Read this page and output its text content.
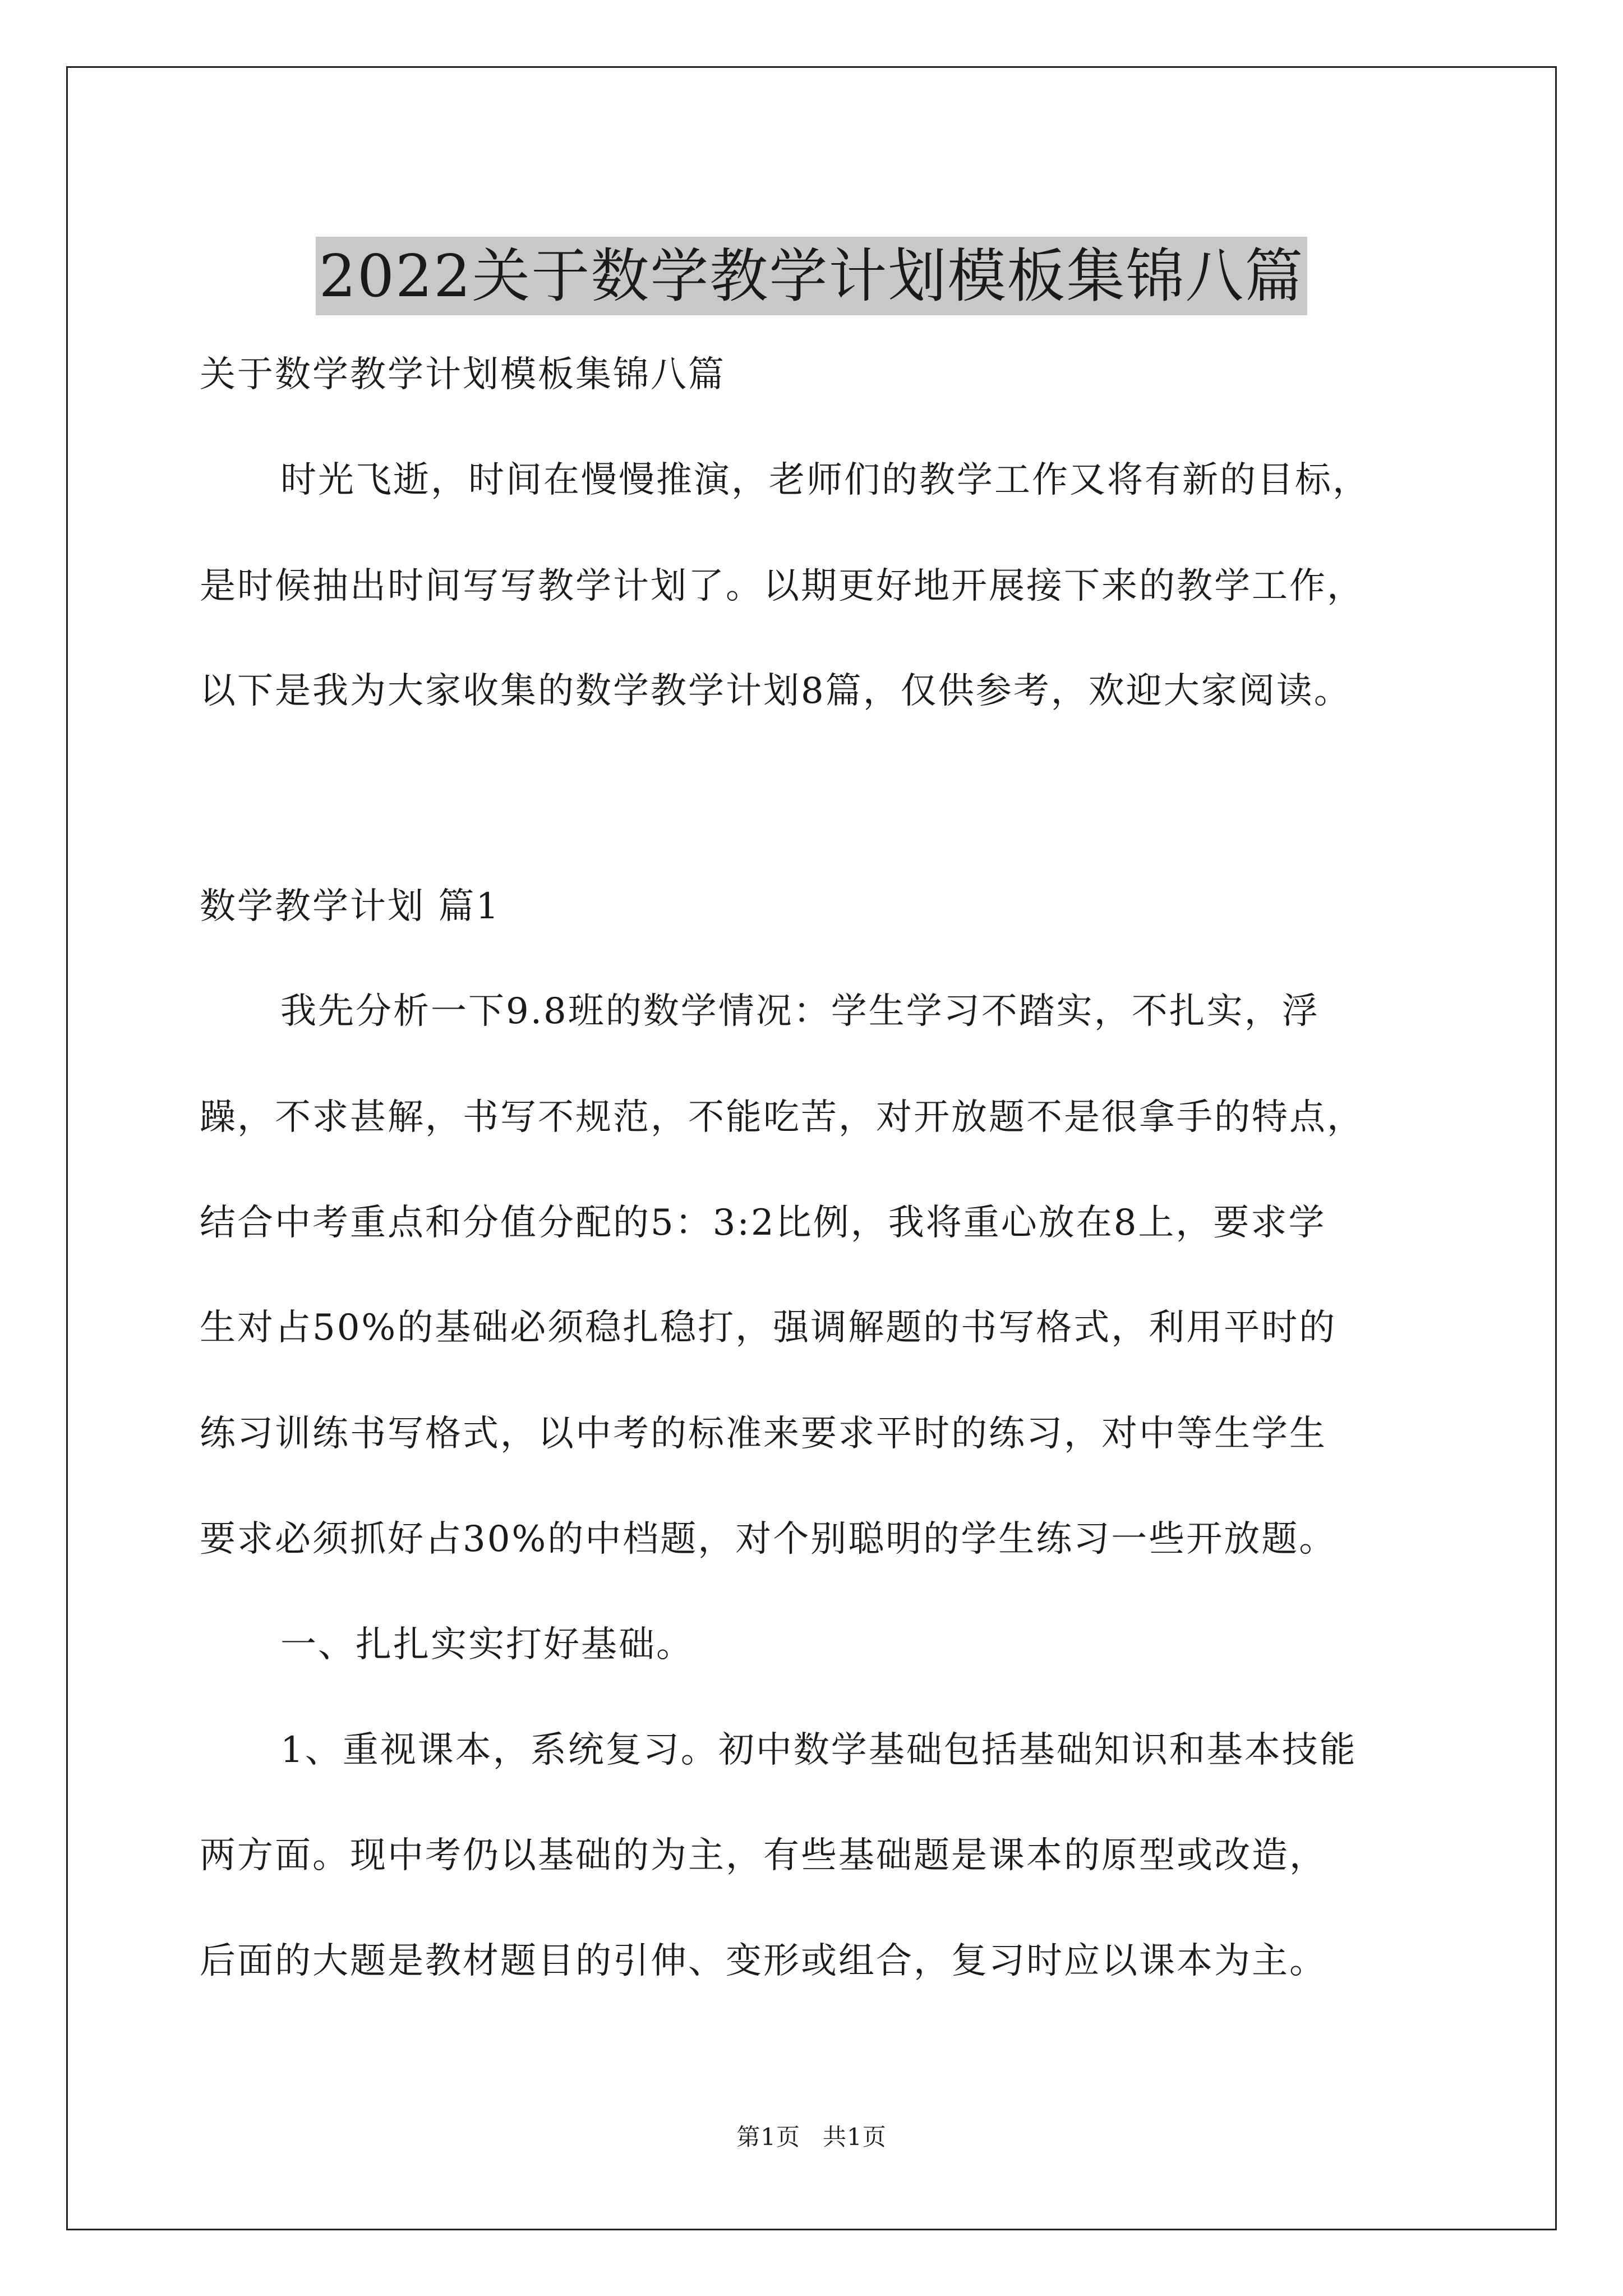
2022关于数学教学计划模板集锦八篇
关于数学教学计划模板集锦八篇
时光飞逝，时间在慢慢推演，老师们的教学工作又将有新的目标，
是时候抽出时间写写教学计划了。以期更好地开展接下来的教学工作，
以下是我为大家收集的数学教学计划8篇，仅供参考，欢迎大家阅读。
数学教学计划 篇1
我先分析一下9.8班的数学情况：学生学习不踏实，不扎实，浮
躁，不求甚解，书写不规范，不能吃苦，对开放题不是很拿手的特点，
结合中考重点和分值分配的5：3:2比例，我将重心放在8上，要求学
生对占50%的基础必须稳扎稳打，强调解题的书写格式，利用平时的
练习训练书写格式，以中考的标准来要求平时的练习，对中等生学生
要求必须抓好占30%的中档题，对个别聪明的学生练习一些开放题。
一、扎扎实实打好基础。
1、重视课本，系统复习。初中数学基础包括基础知识和基本技能
两方面。现中考仍以基础的为主，有些基础题是课本的原型或改造，
后面的大题是教材题目的引伸、变形或组合，复习时应以课本为主。
第1页 共1页
